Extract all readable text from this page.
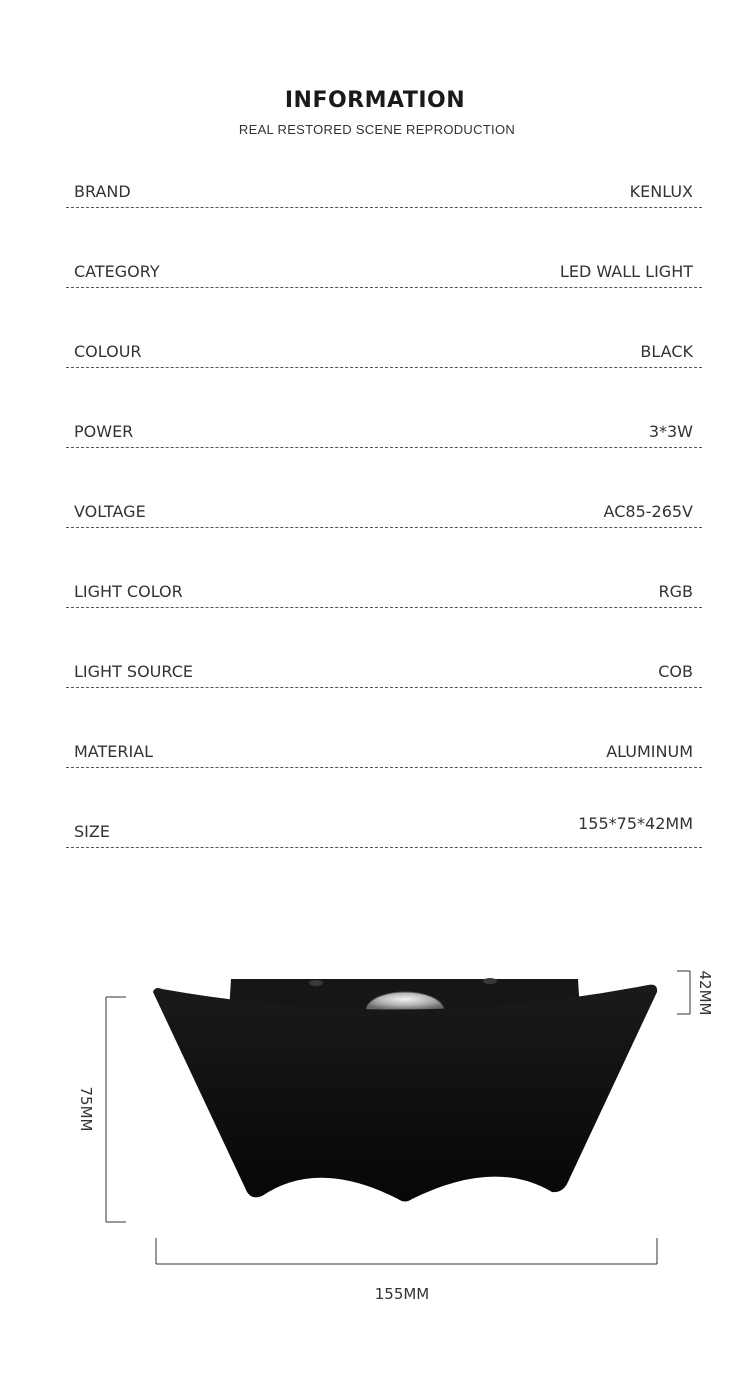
INFORMATION
REAL RESTORED SCENE REPRODUCTION
BRAND	KENLUX
CATEGORY	LED WALL LIGHT
COLOUR	BLACK
POWER	3*3W
VOLTAGE	AC85-265V
LIGHT COLOR	RGB
LIGHT SOURCE	COB
MATERIAL	ALUMINUM
SIZE	155*75*42MM
75MM
42MM
155MM
